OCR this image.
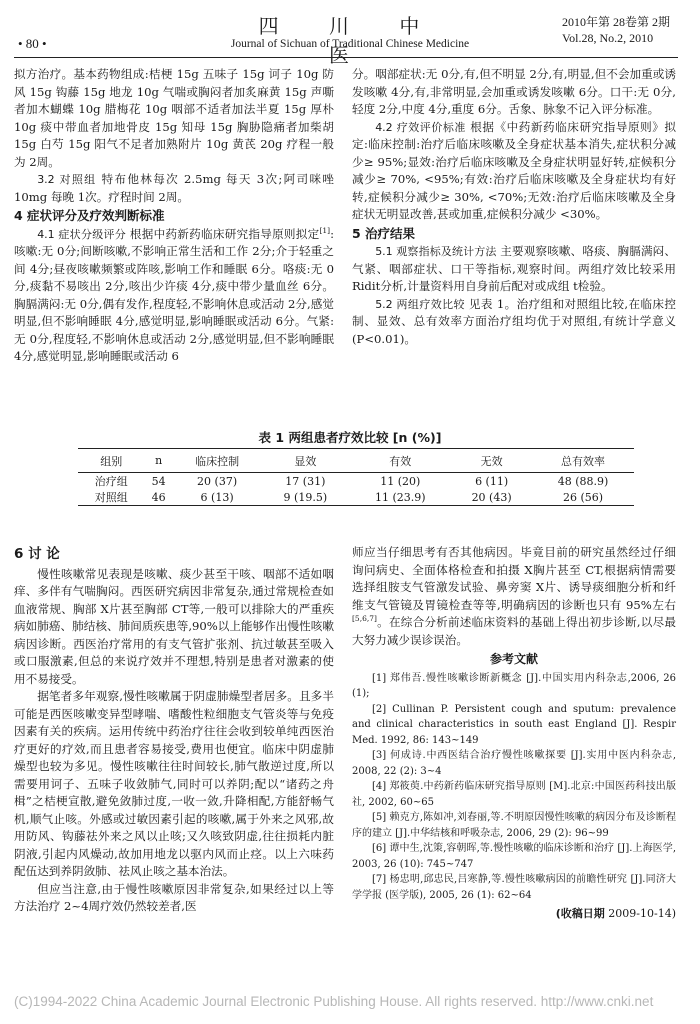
• 80 •
四 川 中 医
Journal of Sichuan of Traditional Chinese Medicine
2010年第 28卷第 2期
Vol.28, No.2, 2010

拟方治疗。基本药物组成:桔梗 15g 五味子 15g 诃子 10g 防风 15g 钩藤 15g 地龙 10g 气喘或胸闷者加炙麻黄 15g 声嘶者加木蝴蝶 10g 腊梅花 10g 咽部不适者加法半夏 15g 厚朴 10g 痰中带血者加地骨皮 15g 知母 15g 胸胁隐痛者加柴胡 15g 白芍 15g 阳气不足者加熟附片 10g 黄芪 20g 疗程一般为 2周。

3.2 对照组 特布他林每次 2.5mg 每天 3次;阿司咪唑 10mg 每晚 1次。疗程时间 2周。

4 症状评分及疗效判断标准

4.1 症状分级评分 根据中药新药临床研究指导原则拟定[1]:咳嗽:无 0分;间断咳嗽,不影响正常生活和工作 2分;介于轻重之间 4分;昼夜咳嗽频繁或阵咳,影响工作和睡眠 6分。咯痰:无 0分,痰黏不易咳出 2分,咳出少许痰 4分,痰中带少量血丝 6分。胸膈满闷:无 0分,偶有发作,程度轻,不影响休息或活动 2分,感觉明显,但不影响睡眠 4分,感觉明显,影响睡眠或活动 6分。气紧:无 0分,程度轻,不影响休息或活动 2分,感觉明显,但不影响睡眠 4分,感觉明显,影响睡眠或活动 6

分。咽部症状:无 0分,有,但不明显 2分,有,明显,但不会加重或诱发咳嗽 4分,有,非常明显,会加重或诱发咳嗽 6分。口干:无 0分,轻度 2分,中度 4分,重度 6分。舌象、脉象不记入评分标准。

4.2 疗效评价标准 根据《中药新药临床研究指导原则》拟定:临床控制:治疗后临床咳嗽及全身症状基本消失,症状积分减少≥ 95%;显效:治疗后临床咳嗽及全身症状明显好转,症候积分减少≥ 70%, <95%;有效:治疗后临床咳嗽及全身症状均有好转,症候积分减少≥ 30%, <70%;无效:治疗后临床咳嗽及全身症状无明显改善,甚或加重,症候积分减少 <30%。

5 治疗结果

5.1 观察指标及统计方法 主要观察咳嗽、咯痰、胸膈满闷、气紧、咽部症状、口干等指标,观察时间。两组疗效比较采用 Ridit分析,计量资料用自身前后配对或成组 t检验。

5.2 两组疗效比较 见表 1。治疗组和对照组比较,在临床控制、显效、总有效率方面治疗组均优于对照组,有统计学意义 (P<0.01)。

表 1 两组患者疗效比较 [n (%)]
组别	n	临床控制	显效	有效	无效	总有效率
治疗组	54	20 (37)	17 (31)	11 (20)	6 (11)	48 (88.9)
对照组	46	6 (13)	9 (19.5)	11 (23.9)	20 (43)	26 (56)

6 讨 论

慢性咳嗽常见表现是咳嗽、痰少甚至干咳、咽部不适如咽痒、多伴有气喘胸闷。西医研究病因非常复杂,通过常规检查如血液常规、胸部 X片甚至胸部 CT等,一般可以排除大的严重疾病如肺癌、肺结核、肺间质疾患等,90%以上能够作出慢性咳嗽病因诊断。西医治疗常用的有支气管扩张剂、抗过敏甚至吸入或口服激素,但总的来说疗效并不理想,特别是患者对激素的使用不易接受。

据笔者多年观察,慢性咳嗽属于阴虚肺燥型者居多。且多半可能是西医咳嗽变异型哮喘、嗜酸性粒细胞支气管炎等与免疫因素有关的疾病。运用传统中药治疗往往会收到较单纯西医治疗更好的疗效,而且患者容易接受,费用也便宜。临床中阴虚肺燥型也较为多见。慢性咳嗽往往时间较长,肺气散逆过度,所以需要用诃子、五味子收敛肺气,同时可以养阴;配以“诸药之舟楫”之桔梗宣散,避免敛肺过度,一收一敛,升降相配,方能舒畅气机,顺气止咳。外感或过敏因素引起的咳嗽,属于外来之风邪,故用防风、钩藤祛外来之风以止咳;又久咳致阴虚,往往损耗内脏阴液,引起内风燥动,故加用地龙以驱内风而止痉。以上六味药配伍达到养阴敛肺、祛风止咳之基本治法。

但应当注意,由于慢性咳嗽原因非常复杂,如果经过以上等方法治疗 2~4周疗效仍然较差者,医

师应当仔细思考有否其他病因。毕竟目前的研究虽然经过仔细询问病史、全面体格检查和拍摄 X胸片甚至 CT,根据病情需要选择组胺支气管激发试验、鼻旁窦 X片、诱导痰细胞分析和纤维支气管镜及胃镜检查等等,明确病因的诊断也只有 95%左右[5,6,7]。在综合分析前述临床资料的基础上得出初步诊断,以尽最大努力减少误诊误治。

参考文献

[1] 郑伟吾.慢性咳嗽诊断新概念 [J].中国实用内科杂志,2006, 26 (1);

[2] Cullinan P. Persistent cough and sputum: prevalence and clinical characteristics in south east England [J]. Respir Med. 1992, 86: 143~149

[3] 何成诗.中西医结合治疗慢性咳嗽探要 [J].实用中医内科杂志, 2008, 22 (2): 3~4

[4] 郑筱萸.中药新药临床研究指导原则 [M].北京:中国医药科技出版社, 2002, 60~65

[5] 赖克方,陈如冲,刘春丽,等.不明原因慢性咳嗽的病因分布及诊断程序的建立 [J].中华结核和呼吸杂志, 2006, 29 (2): 96~99

[6] 谭中生,沈策,容朝晖,等.慢性咳嗽的临床诊断和治疗 [J].上海医学, 2003, 26 (10): 745~747

[7] 杨忠明,邱忠民,吕寒静,等.慢性咳嗽病因的前瞻性研究 [J].同济大学学报 (医学版), 2005, 26 (1): 62~64

(收稿日期 2009-10-14)

(C)1994-2022 China Academic Journal Electronic Publishing House. All rights reserved. http://www.cnki.net
